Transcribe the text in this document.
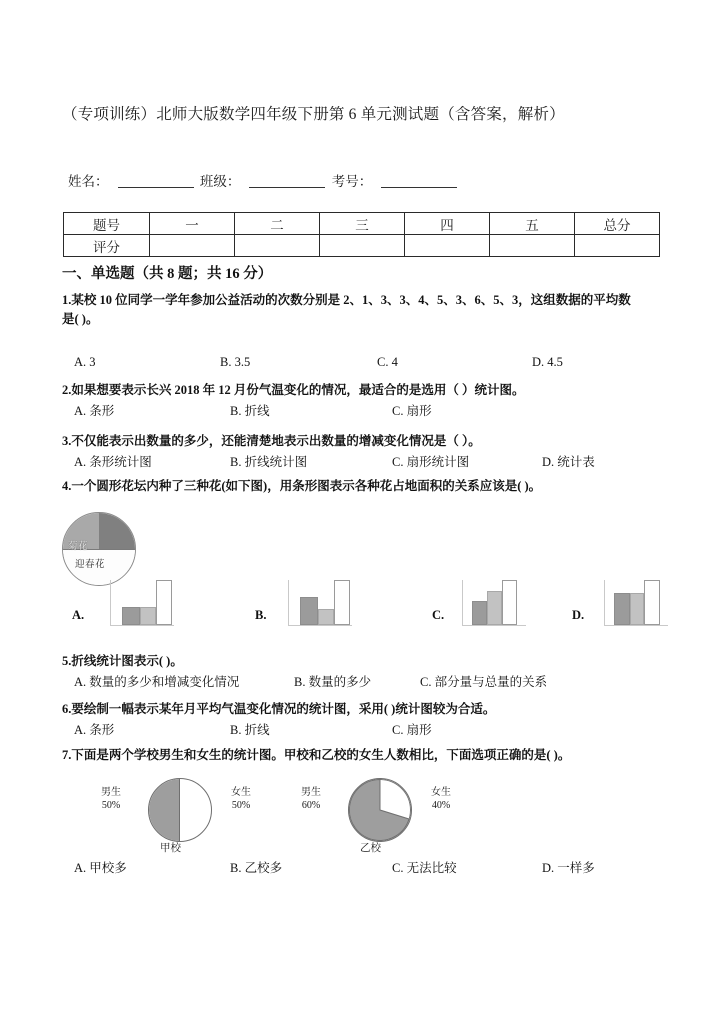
（专项训练）北师大版数学四年级下册第 6 单元测试题（含答案，解析）
姓名：	班级：	考号：
题号	一	二	三	四	五	总分
评分						
一、单选题（共 8 题；共 16 分）
1.某校 10 位同学一学年参加公益活动的次数分别是 2、1、3、3、4、5、3、6、5、3，这组数据的平均数
是( )。
A. 3	B. 3.5	C. 4	D. 4.5
2.如果想要表示长兴 2018 年 12 月份气温变化的情况，最适合的是选用（ ）统计图。
A. 条形	B. 折线	C. 扇形
3.不仅能表示出数量的多少，还能清楚地表示出数量的增减变化情况是（ ）。
A. 条形统计图	B. 折线统计图	C. 扇形统计图	D. 统计表
4.一个圆形花坛内种了三种花(如下图)，用条形图表示各种花占地面积的关系应该是( )。
菊花
迎春花
A.	B.	C.	D.
5.折线统计图表示( )。
A. 数量的多少和增减变化情况	B. 数量的多少	C. 部分量与总量的关系
6.要绘制一幅表示某年月平均气温变化情况的统计图，采用( )统计图较为合适。
A. 条形	B. 折线	C. 扇形
7.下面是两个学校男生和女生的统计图。甲校和乙校的女生人数相比，下面选项正确的是( )。
男生
50%
女生
50%
甲校
男生
60%
女生
40%
乙校
A. 甲校多	B. 乙校多	C. 无法比较	D. 一样多
